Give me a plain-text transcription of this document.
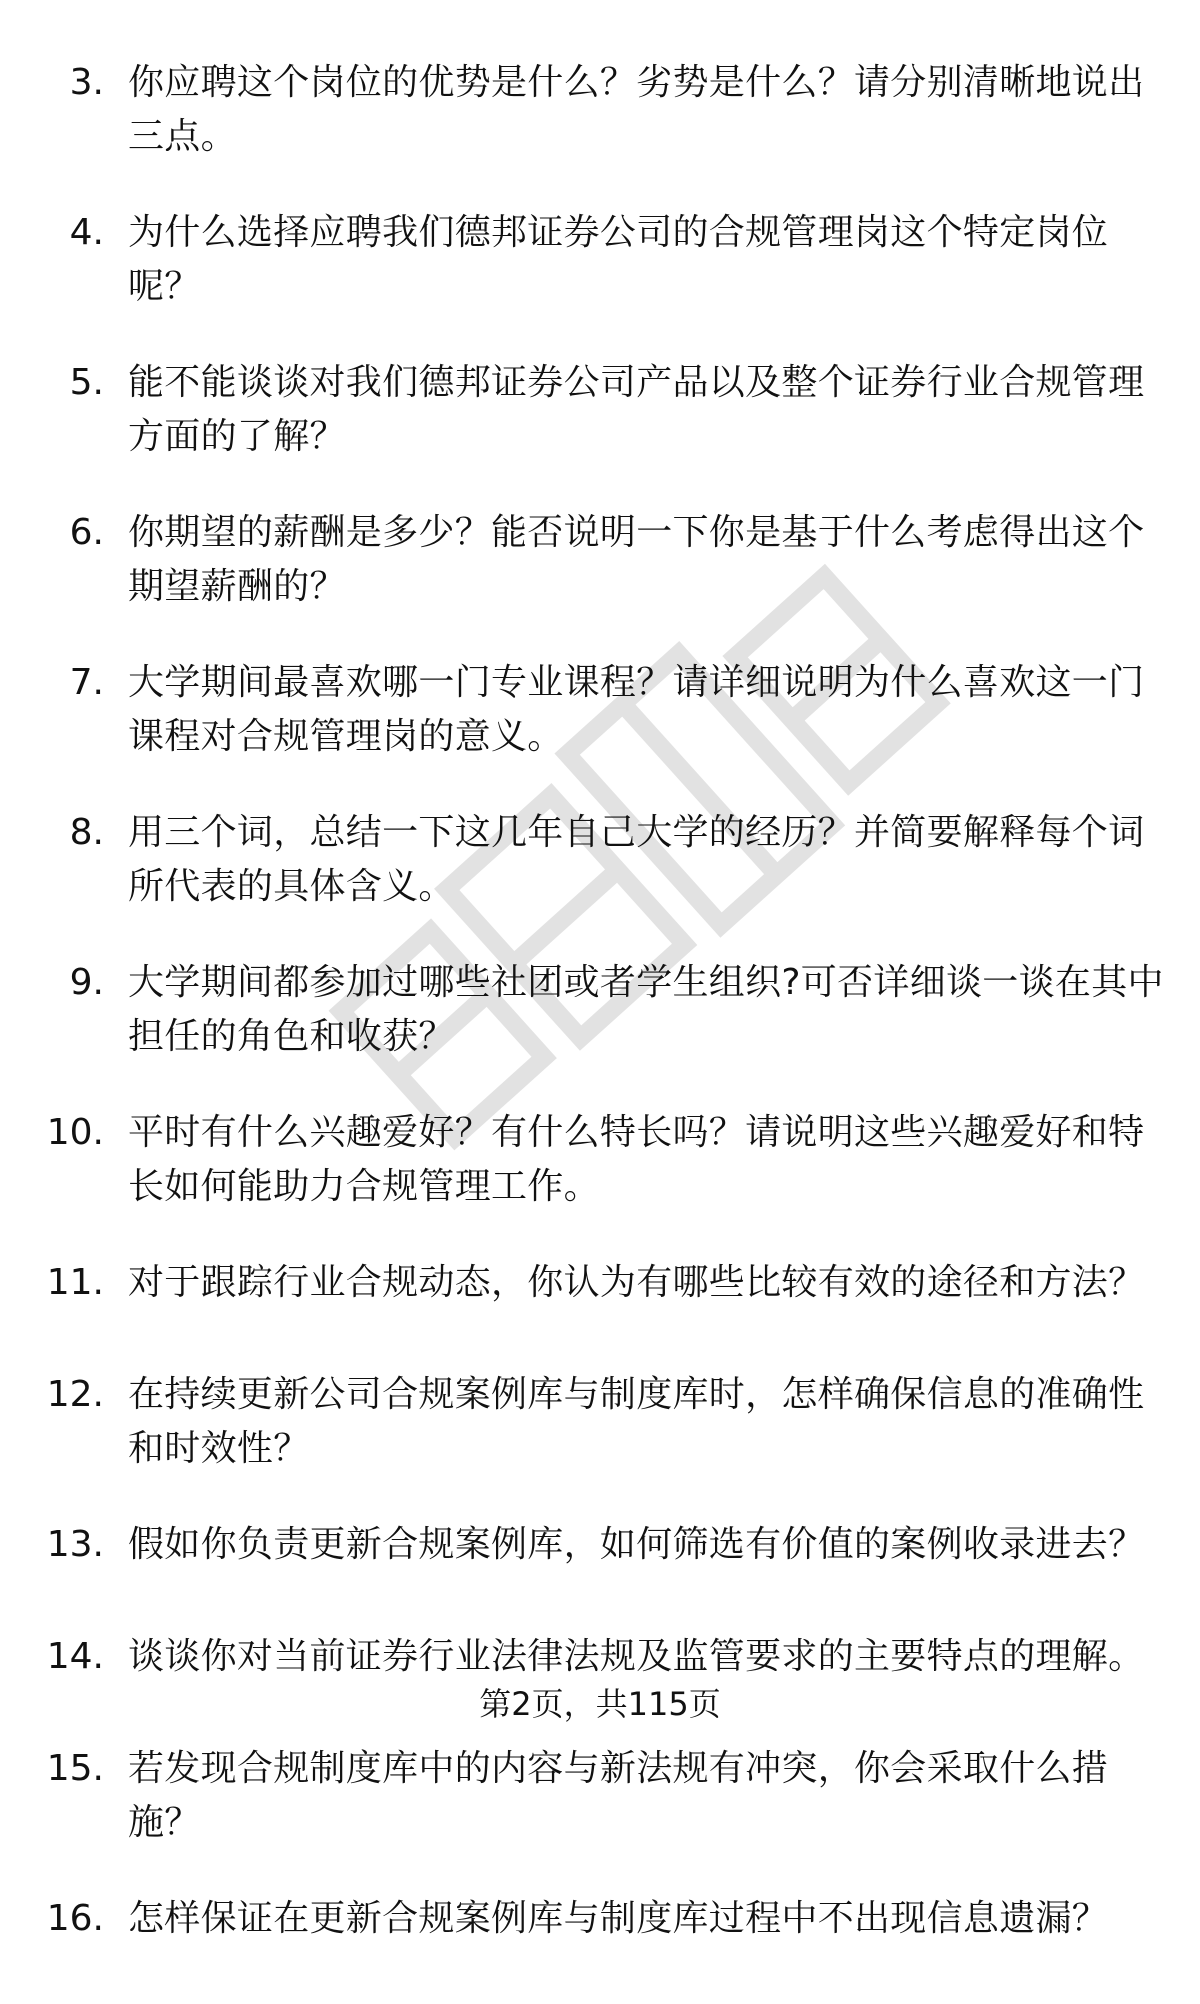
3. 你应聘这个岗位的优势是什么？劣势是什么？请分别清晰地说出三点。
4. 为什么选择应聘我们德邦证券公司的合规管理岗这个特定岗位呢？
5. 能不能谈谈对我们德邦证券公司产品以及整个证券行业合规管理方面的了解？
6. 你期望的薪酬是多少？能否说明一下你是基于什么考虑得出这个期望薪酬的？
7. 大学期间最喜欢哪一门专业课程？请详细说明为什么喜欢这一门课程对合规管理岗的意义。
8. 用三个词，总结一下这几年自己大学的经历？并简要解释每个词所代表的具体含义。
9. 大学期间都参加过哪些社团或者学生组织?可否详细谈一谈在其中担任的角色和收获？
10. 平时有什么兴趣爱好？有什么特长吗？请说明这些兴趣爱好和特长如何能助力合规管理工作。
11. 对于跟踪行业合规动态，你认为有哪些比较有效的途径和方法？
12. 在持续更新公司合规案例库与制度库时，怎样确保信息的准确性和时效性？
13. 假如你负责更新合规案例库，如何筛选有价值的案例收录进去？
14. 谈谈你对当前证券行业法律法规及监管要求的主要特点的理解。
15. 若发现合规制度库中的内容与新法规有冲突，你会采取什么措施？
16. 怎样保证在更新合规案例库与制度库过程中不出现信息遗漏？
第2页，共115页
